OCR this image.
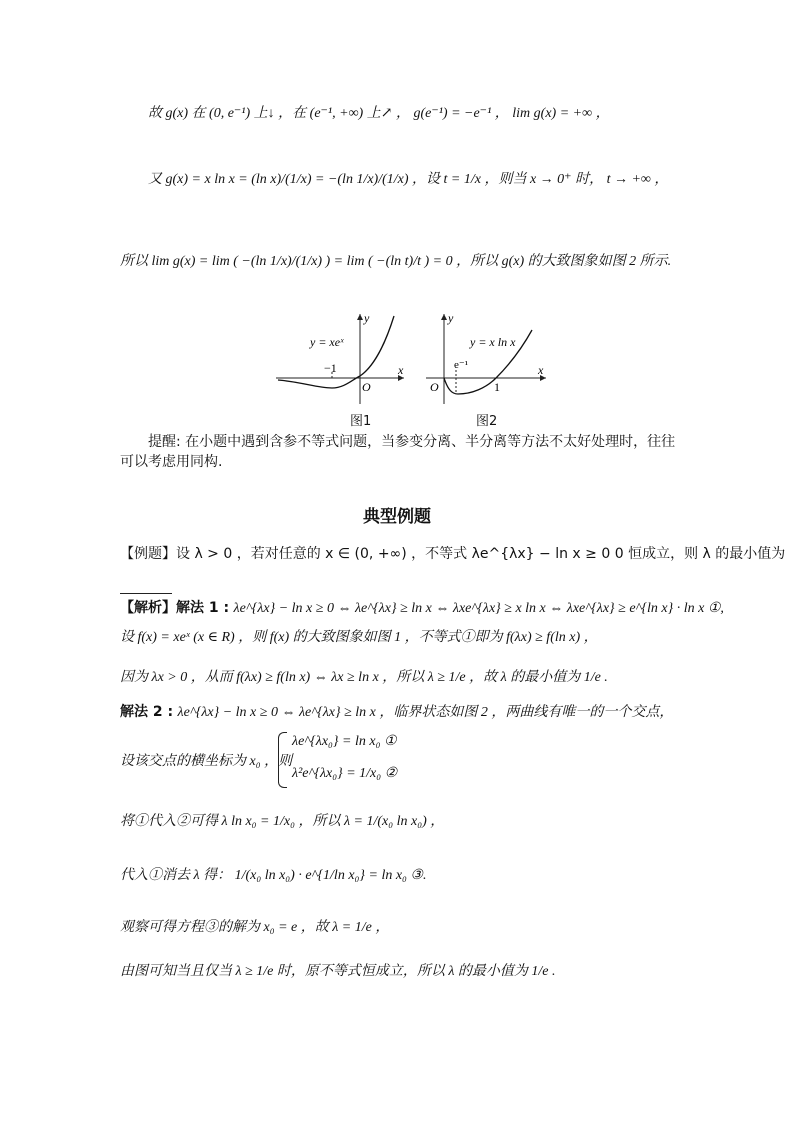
故 g(x) 在 (0, e⁻¹) 上↓ ，在 (e⁻¹, +∞) 上↗ ， g(e⁻¹) = −e⁻¹ ， lim g(x) = +∞ ，
又 g(x) = x ln x = (ln x)/(1/x) = −(ln 1/x)/(1/x) ，设 t = 1/x ，则当 x → 0⁺ 时， t → +∞ ，
所以 lim g(x) = lim ( −(ln 1/x)/(1/x) ) = lim ( −(ln t)/t ) = 0 ，所以 g(x) 的大致图象如图 2 所示.
y = xeˣ
−1
O
x
y
图1
y = x ln x
e⁻¹
1
O
x
y
图2
提醒: 在小题中遇到含参不等式问题，当参变分离、半分离等方法不太好处理时，往往
可以考虑用同构.
典型例题
【例题】设 λ > 0 ，若对任意的 x ∈ (0, +∞) ，不等式 λe^{λx} − ln x ≥ 0 0 恒成立，则 λ 的最小值为
【解析】解法 1 : λe^{λx} − ln x ≥ 0 ⇔ λe^{λx} ≥ ln x ⇔ λxe^{λx} ≥ x ln x ⇔ λxe^{λx} ≥ e^{ln x} · ln x ①,
设 f(x) = xeˣ (x ∈ R) ，则 f(x) 的大致图象如图 1 ，不等式①即为 f(λx) ≥ f(ln x) ，
因为 λx > 0 ，从而 f(λx) ≥ f(ln x) ⇔ λx ≥ ln x ，所以 λ ≥ 1/e ，故 λ 的最小值为 1/e .
解法 2 : λe^{λx} − ln x ≥ 0 ⇔ λe^{λx} ≥ ln x ，临界状态如图 2 ，两曲线有唯一的一个交点，
设该交点的横坐标为 x₀ ，则
λe^{λx₀} = ln x₀ ①
λ²e^{λx₀} = 1/x₀ ②
将①代入②可得 λ ln x₀ = 1/x₀ ，所以 λ = 1/(x₀ ln x₀) ，
代入①消去 λ 得： 1/(x₀ ln x₀) · e^{1/ln x₀} = ln x₀ ③.
观察可得方程③的解为 x₀ = e ，故 λ = 1/e ，
由图可知当且仅当 λ ≥ 1/e 时，原不等式恒成立，所以 λ 的最小值为 1/e .
